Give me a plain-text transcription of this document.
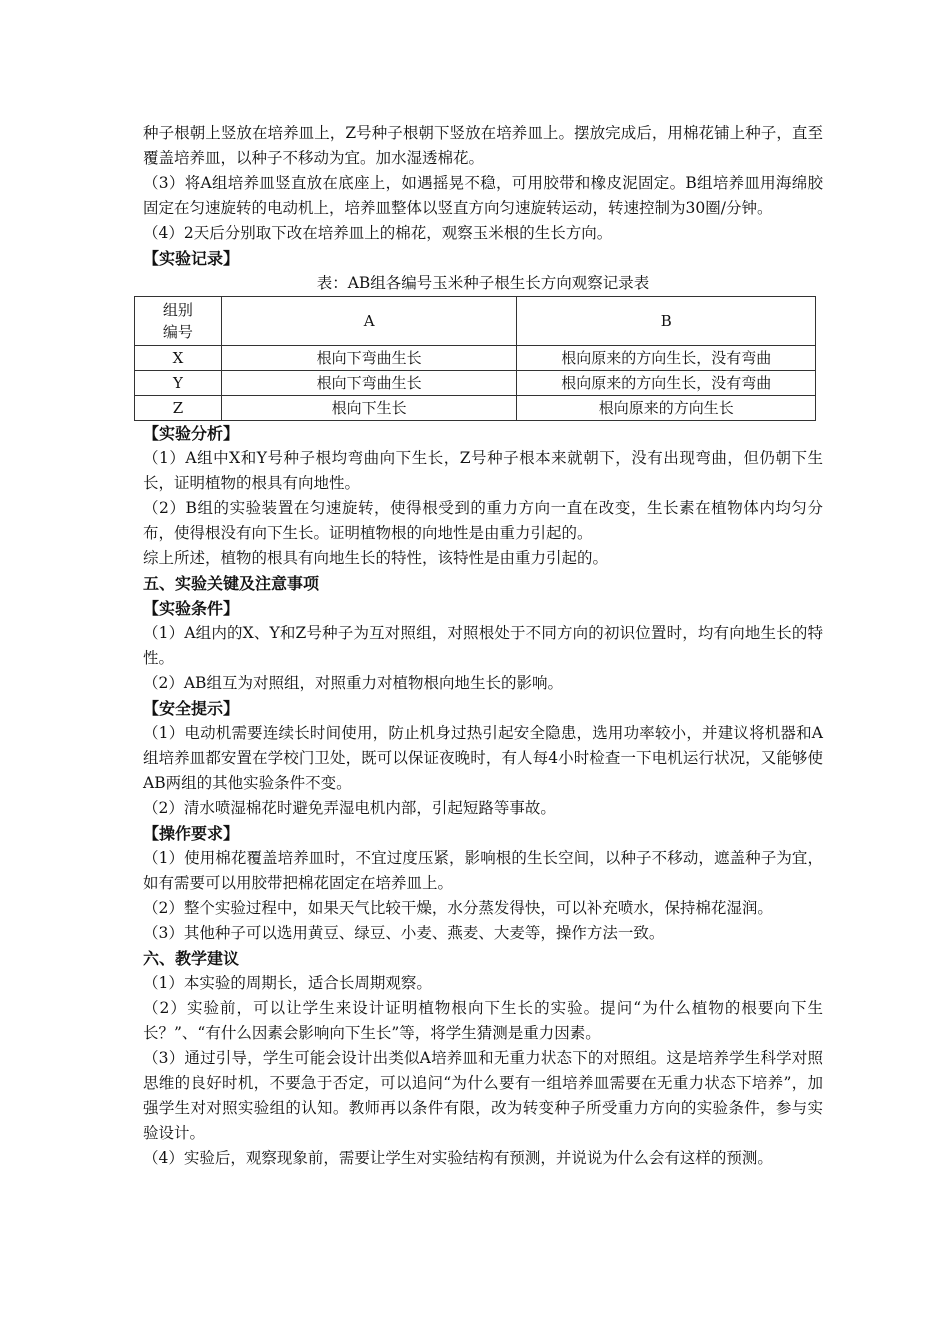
种子根朝上竖放在培养皿上，Z号种子根朝下竖放在培养皿上。摆放完成后，用棉花铺上种子，直至覆盖培养皿，以种子不移动为宜。加水湿透棉花。

（3）将A组培养皿竖直放在底座上，如遇摇晃不稳，可用胶带和橡皮泥固定。B组培养皿用海绵胶固定在匀速旋转的电动机上，培养皿整体以竖直方向匀速旋转运动，转速控制为30圈/分钟。

（4）2天后分别取下改在培养皿上的棉花，观察玉米根的生长方向。

【实验记录】
表：AB组各编号玉米种子根生长方向观察记录表
组别
编号	A	B
X	根向下弯曲生长	根向原来的方向生长，没有弯曲
Y	根向下弯曲生长	根向原来的方向生长，没有弯曲
Z	根向下生长	根向原来的方向生长
【实验分析】

（1）A组中X和Y号种子根均弯曲向下生长，Z号种子根本来就朝下，没有出现弯曲，但仍朝下生长，证明植物的根具有向地性。

（2）B组的实验装置在匀速旋转，使得根受到的重力方向一直在改变，生长素在植物体内均匀分布，使得根没有向下生长。证明植物根的向地性是由重力引起的。

综上所述，植物的根具有向地生长的特性，该特性是由重力引起的。

五、实验关键及注意事项
【实验条件】

（1）A组内的X、Y和Z号种子为互对照组，对照根处于不同方向的初识位置时，均有向地生长的特性。

（2）AB组互为对照组，对照重力对植物根向地生长的影响。

【安全提示】

（1）电动机需要连续长时间使用，防止机身过热引起安全隐患，选用功率较小，并建议将机器和A组培养皿都安置在学校门卫处，既可以保证夜晚时，有人每4小时检查一下电机运行状况，又能够使AB两组的其他实验条件不变。

（2）清水喷湿棉花时避免弄湿电机内部，引起短路等事故。

【操作要求】

（1）使用棉花覆盖培养皿时，不宜过度压紧，影响根的生长空间，以种子不移动，遮盖种子为宜，如有需要可以用胶带把棉花固定在培养皿上。

（2）整个实验过程中，如果天气比较干燥，水分蒸发得快，可以补充喷水，保持棉花湿润。

（3）其他种子可以选用黄豆、绿豆、小麦、燕麦、大麦等，操作方法一致。

六、教学建议

（1）本实验的周期长，适合长周期观察。

（2）实验前，可以让学生来设计证明植物根向下生长的实验。提问“为什么植物的根要向下生长？”、“有什么因素会影响向下生长”等，将学生猜测是重力因素。

（3）通过引导，学生可能会设计出类似A培养皿和无重力状态下的对照组。这是培养学生科学对照思维的良好时机，不要急于否定，可以追问“为什么要有一组培养皿需要在无重力状态下培养”，加强学生对对照实验组的认知。教师再以条件有限，改为转变种子所受重力方向的实验条件，参与实验设计。

（4）实验后，观察现象前，需要让学生对实验结构有预测，并说说为什么会有这样的预测。
